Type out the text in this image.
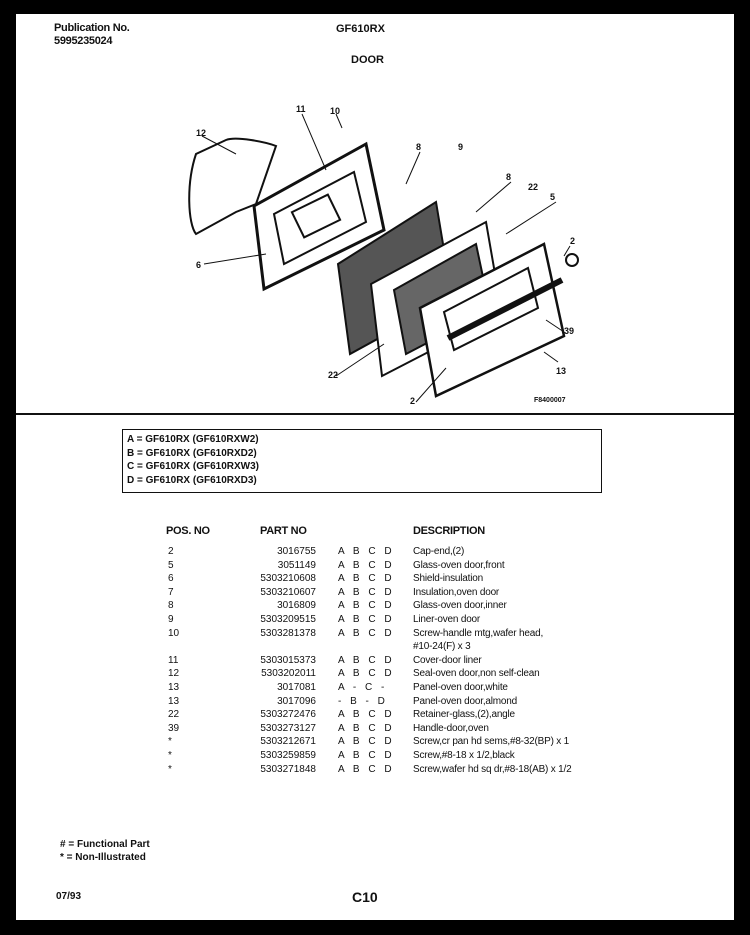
Publication No.
5995235024
GF610RX
DOOR
12
11	10
8	9
8
22
5
2
6
39
13
22
2	F8400007
A = GF610RX (GF610RXW2)
B = GF610RX (GF610RXD2)
C = GF610RX (GF610RXW3)
D = GF610RX (GF610RXD3)
POS. NO	PART NO	DESCRIPTION
2	3016755 A B C D Cap-end,(2)
5	3051149 A B C D Glass-oven door,front
6	5303210608 A B C D Shield-insulation
7	5303210607 A B C D Insulation,oven door
8	3016809 A B C D Glass-oven door,inner
9	5303209515 A B C D Liner-oven door
10	5303281378 A B C D Screw-handle mtg,wafer head,
#10-24(F) x 3
11	5303015373 A B C D Cover-door liner
12	5303202011 A B C D Seal-oven door,non self-clean
13	3017081 A - C -	Panel-oven door,white
13	3017096 - B - D	Panel-oven door,almond
22	5303272476 A B C D Retainer-glass,(2),angle
39	5303273127 A B C D Handle-door,oven
*	5303212671 A B C D Screw,cr pan hd sems,#8-32(BP) x 1
*	5303259859 A B C D Screw,#8-18 x 1/2,black
*	5303271848 A B C D Screw,wafer hd sq dr,#8-18(AB) x 1/2
# = Functional Part
* = Non-Illustrated
07/93	C10
